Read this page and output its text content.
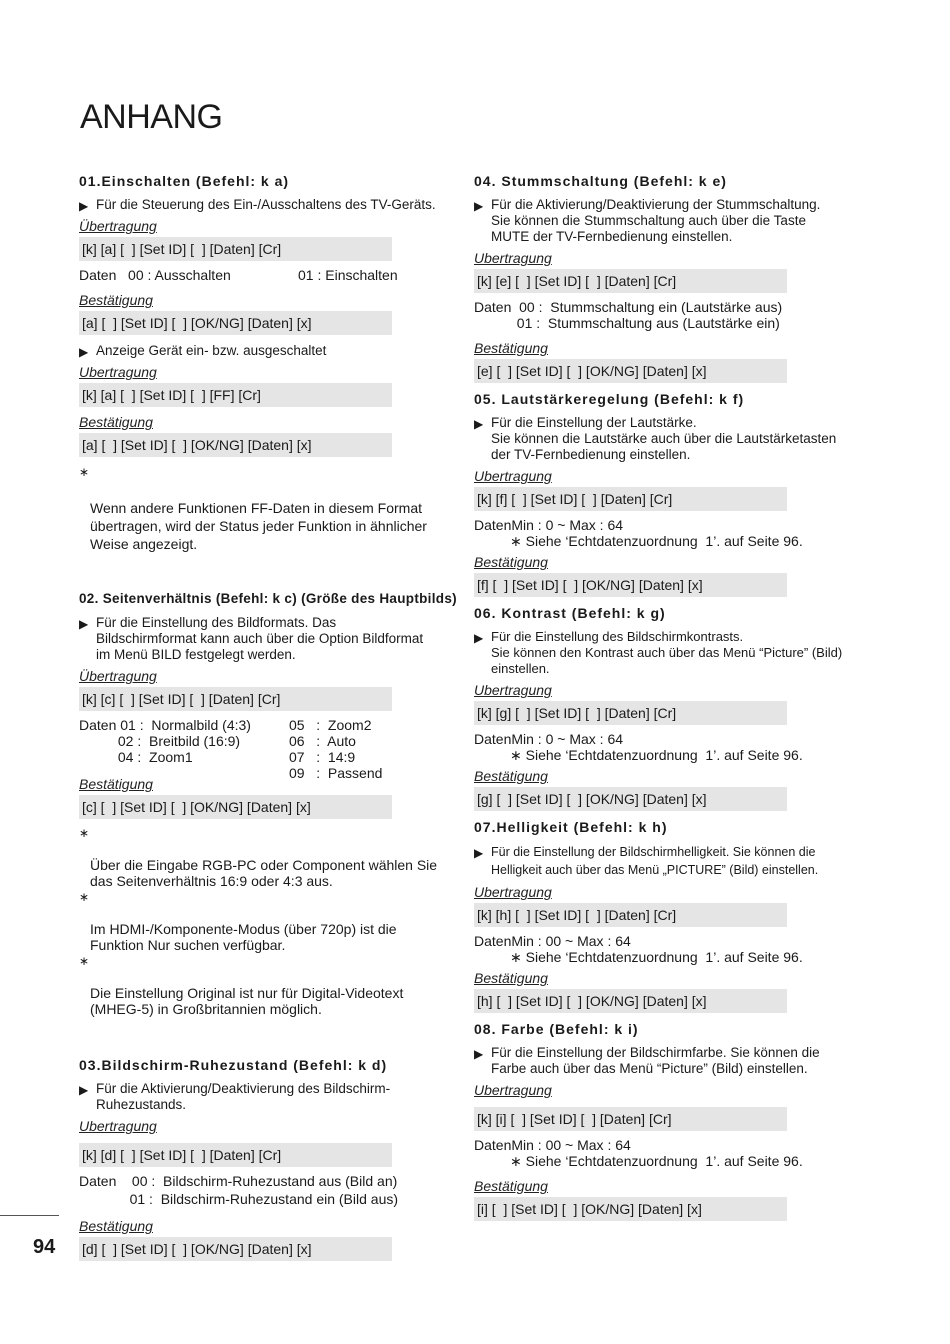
ANHANG
01.Einschalten (Befehl: k a)
▶ Für die Steuerung des Ein-/Ausschaltens des TV-Geräts.
Übertragung
[k] [a] [  ] [Set ID] [  ] [Daten] [Cr]
Daten   00 : Ausschalten	01 : Einschalten
Bestätigung
[a] [  ] [Set ID] [  ] [OK/NG] [Daten] [x]
▶ Anzeige Gerät ein- bzw. ausgeschaltet
Ubertragung
[k] [a] [  ] [Set ID] [  ] [FF] [Cr]
Bestätigung
[a] [  ] [Set ID] [  ] [OK/NG] [Daten] [x]

∗

Wenn andere Funktionen FF-Daten in diesem Format
übertragen, wird der Status jeder Funktion in ähnlicher
Weise angezeigt.

02. Seitenverhältnis (Befehl: k c) (Größe des Hauptbilds)
▶ Für die Einstellung des Bildformats. Das
Bildschirmformat kann auch über die Option Bildformat
im Menü BILD festgelegt werden.
Übertragung
[k] [c] [  ] [Set ID] [  ] [Daten] [Cr]
Daten 01 :  Normalbild (4:3)
02 :  Breitbild (16:9)
04 :  Zoom1
05   :  Zoom2
06   :  Auto
07   :  14:9
09   :  Passend
Bestätigung
[c] [  ] [Set ID] [  ] [OK/NG] [Daten] [x]

∗

Über die Eingabe RGB-PC oder Component wählen Sie
das Seitenverhältnis 16:9 oder 4:3 aus.

∗

Im HDMI-/Komponente-Modus (über 720p) ist die
Funktion Nur suchen verfügbar.

∗

Die Einstellung Original ist nur für Digital-Videotext
(MHEG-5) in Großbritannien möglich.

03.Bildschirm-Ruhezustand (Befehl: k d)
▶ Für die Aktivierung/Deaktivierung des Bildschirm-
Ruhezustands.
Ubertragung
[k] [d] [  ] [Set ID] [  ] [Daten] [Cr]
Daten    00 :  Bildschirm-Ruhezustand aus (Bild an)
01 :  Bildschirm-Ruhezustand ein (Bild aus)
Bestätigung
[d] [  ] [Set ID] [  ] [OK/NG] [Daten] [x]
04. Stummschaltung (Befehl: k e)
▶ Für die Aktivierung/Deaktivierung der Stummschaltung.
Sie können die Stummschaltung auch über die Taste
MUTE der TV-Fernbedienung einstellen.
Ubertragung
[k] [e] [  ] [Set ID] [  ] [Daten] [Cr]
Daten  00 :  Stummschaltung ein (Lautstärke aus)
01 :  Stummschaltung aus (Lautstärke ein)
Bestätigung
[e] [  ] [Set ID] [  ] [OK/NG] [Daten] [x]
05. Lautstärkeregelung (Befehl: k f)
▶ Für die Einstellung der Lautstärke.
Sie können die Lautstärke auch über die Lautstärketasten
der TV-Fernbedienung einstellen.
Ubertragung
[k] [f] [  ] [Set ID] [  ] [Daten] [Cr]
DatenMin : 0 ~ Max : 64
∗ Siehe ‘Echtdatenzuordnung  1’. auf Seite 96.
Bestätigung
[f] [  ] [Set ID] [  ] [OK/NG] [Daten] [x]
06. Kontrast (Befehl: k g)
▶ Für die Einstellung des Bildschirmkontrasts.
Sie können den Kontrast auch über das Menü “Picture” (Bild)
einstellen.
Ubertragung
[k] [g] [  ] [Set ID] [  ] [Daten] [Cr]
DatenMin : 0 ~ Max : 64
∗ Siehe ‘Echtdatenzuordnung  1’. auf Seite 96.
Bestätigung
[g] [  ] [Set ID] [  ] [OK/NG] [Daten] [x]
07.Helligkeit (Befehl: k h)
▶ Für die Einstellung der Bildschirmhelligkeit. Sie können die
Helligkeit auch über das Menü „PICTURE” (Bild) einstellen.
Ubertragung
[k] [h] [  ] [Set ID] [  ] [Daten] [Cr]
DatenMin : 00 ~ Max : 64
∗ Siehe ‘Echtdatenzuordnung  1’. auf Seite 96.
Bestätigung
[h] [  ] [Set ID] [  ] [OK/NG] [Daten] [x]
08. Farbe (Befehl: k i)
▶ Für die Einstellung der Bildschirmfarbe. Sie können die
Farbe auch über das Menü “Picture” (Bild) einstellen.
Ubertragung
[k] [i] [  ] [Set ID] [  ] [Daten] [Cr]
DatenMin : 00 ~ Max : 64
∗ Siehe ‘Echtdatenzuordnung  1’. auf Seite 96.
Bestätigung
[i] [  ] [Set ID] [  ] [OK/NG] [Daten] [x]
94
